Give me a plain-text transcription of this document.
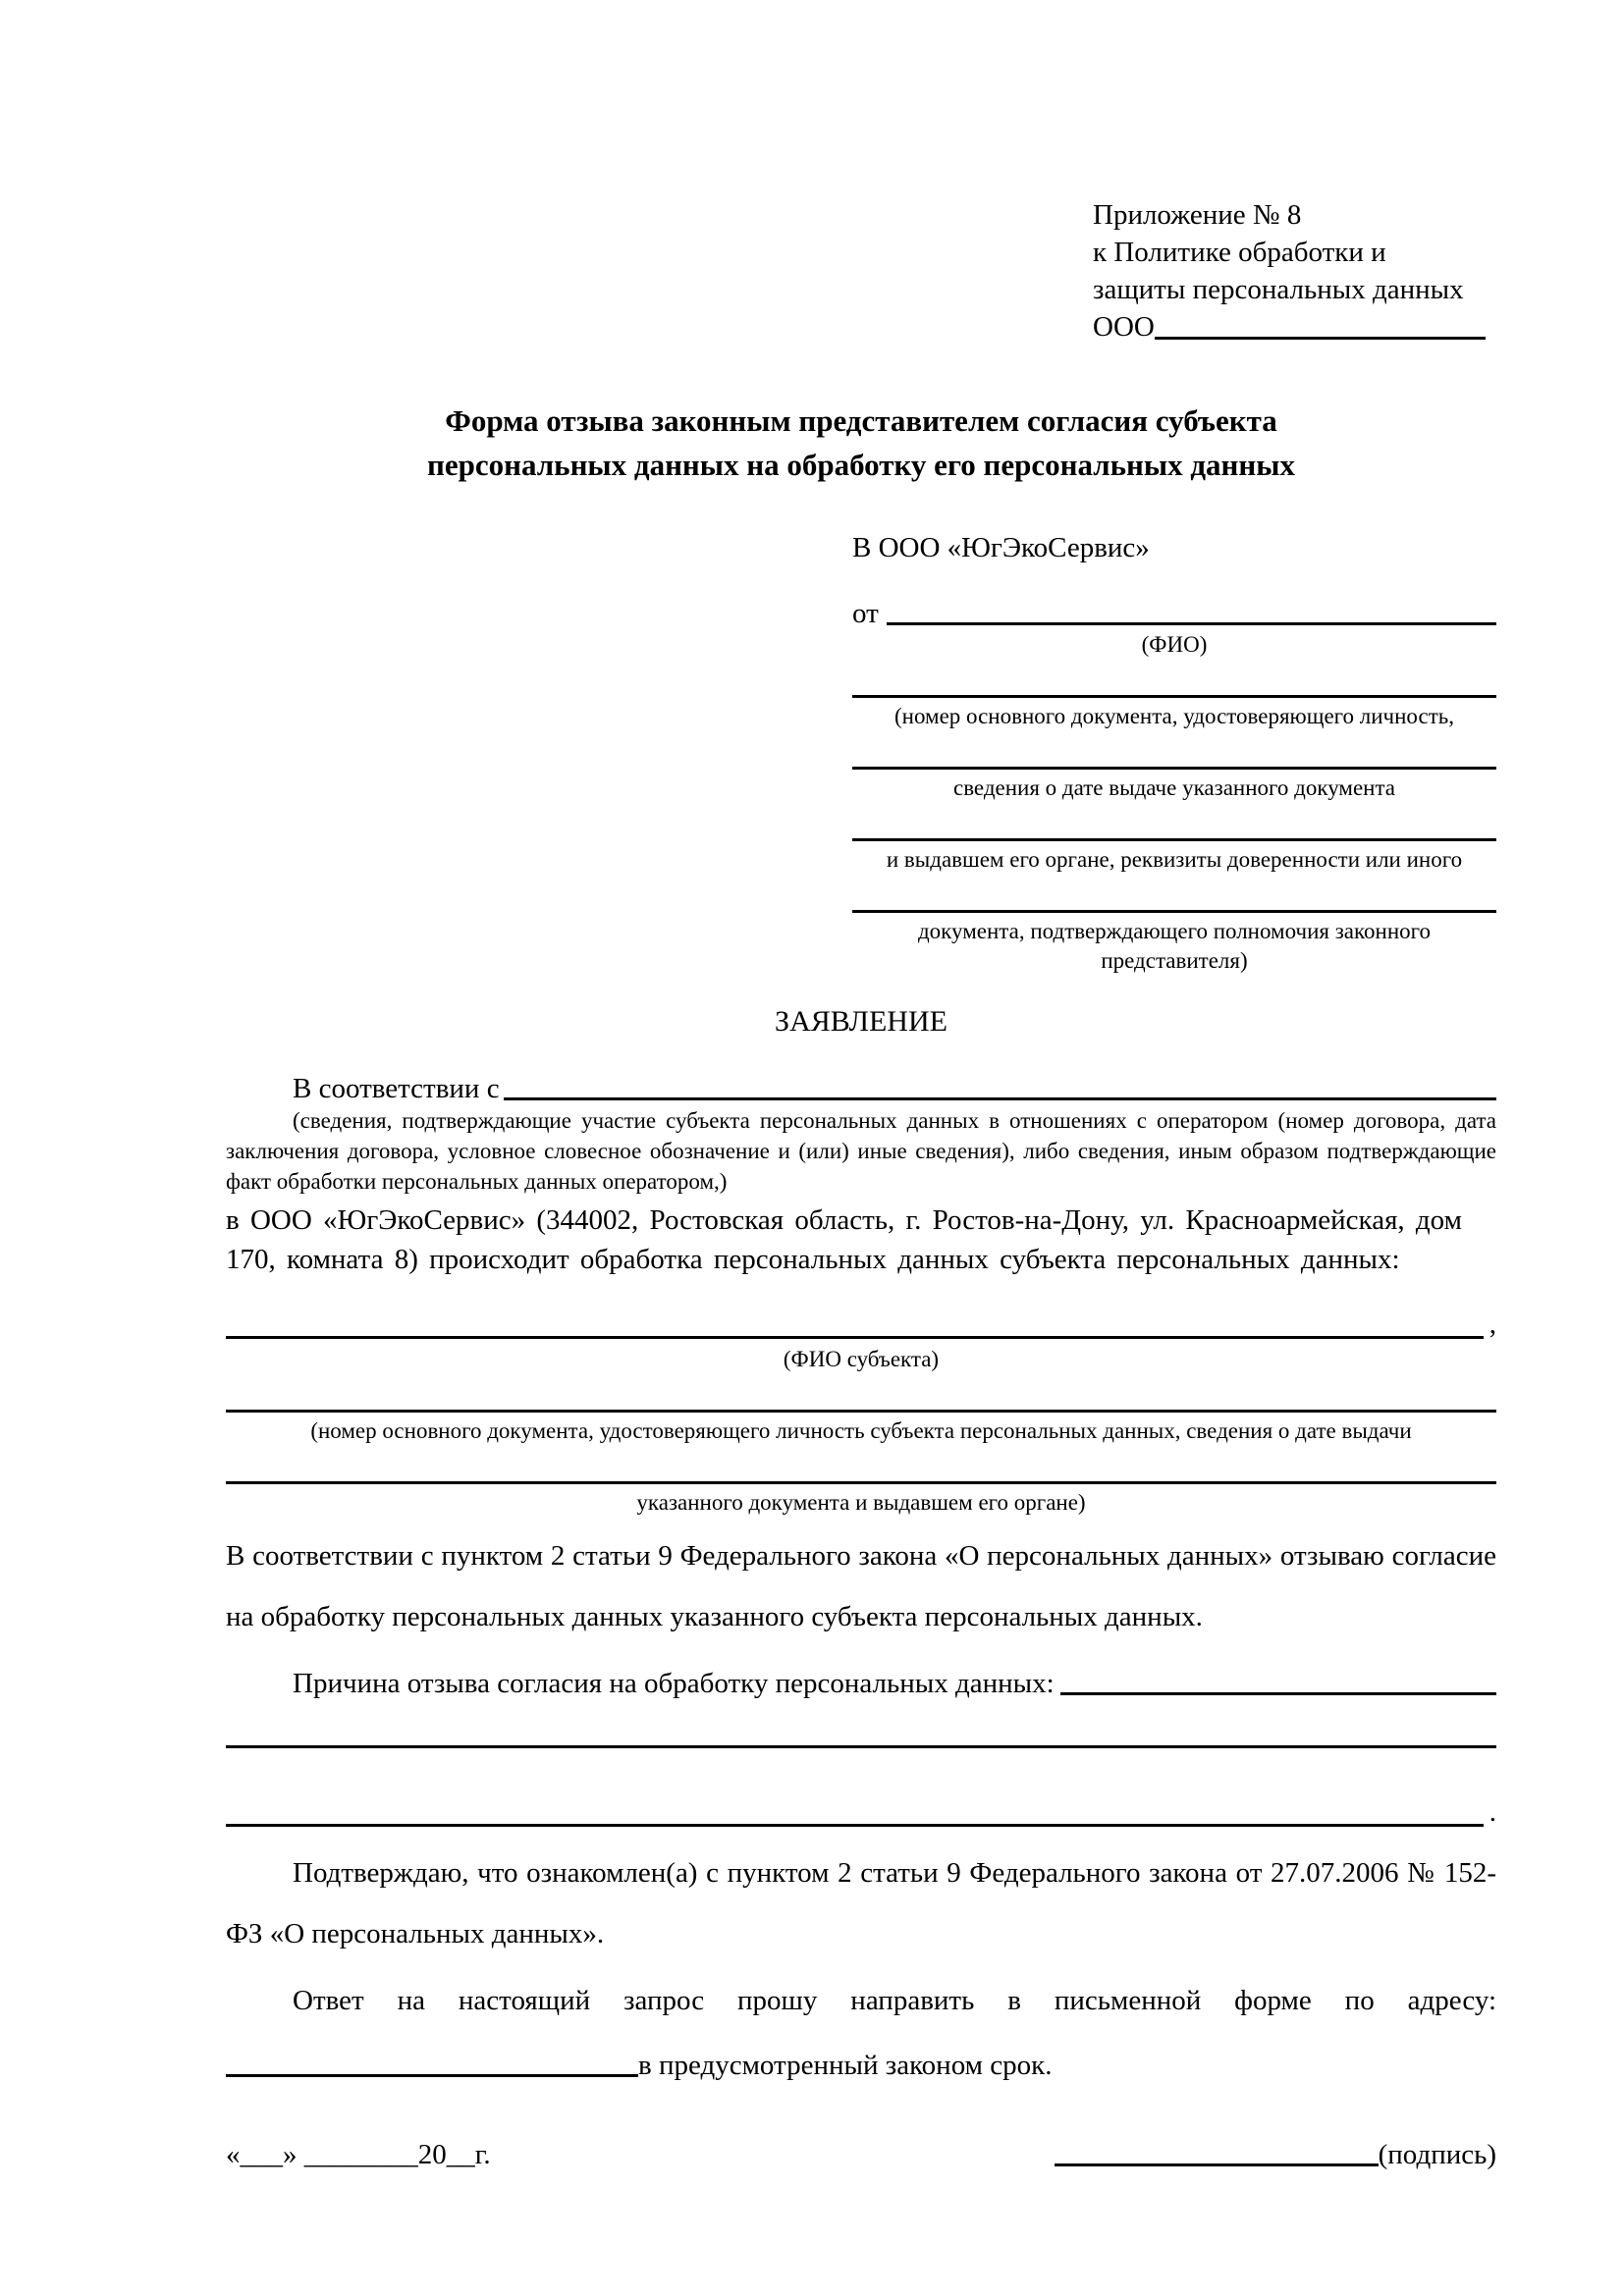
Приложение № 8
к Политике обработки и
защиты персональных данных
ООО
Форма отзыва законным представителем согласия субъекта
персональных данных на обработку его персональных данных
В ООО «ЮгЭкоСервис»
от
(ФИО)
(номер основного документа, удостоверяющего личность,
сведения о дате выдаче указанного документа
и выдавшем его органе, реквизиты доверенности или иного
документа, подтверждающего полномочия законного представителя)
ЗАЯВЛЕНИЕ
В соответствии с
(сведения, подтверждающие участие субъекта персональных данных в отношениях с оператором (номер договора, дата заключения договора, условное словесное обозначение и (или) иные сведения), либо сведения, иным образом подтверждающие факт обработки персональных данных оператором,)
в ООО «ЮгЭкоСервис» (344002, Ростовская область, г. Ростов-на-Дону, ул. Красноармейская, дом 170, комната 8) происходит обработка персональных данных субъекта персональных данных:
,
(ФИО субъекта)
(номер основного документа, удостоверяющего личность субъекта персональных данных, сведения о дате выдачи
указанного документа и выдавшем его органе)
В соответствии с пунктом 2 статьи 9 Федерального закона «О персональных данных» отзываю согласие на обработку персональных данных указанного субъекта персональных данных.
Причина отзыва согласия на обработку персональных данных:
.
Подтверждаю, что ознакомлен(а) с пунктом 2 статьи 9 Федерального закона от 27.07.2006 № 152-ФЗ «О персональных данных».
Ответ на настоящий запрос прошу направить в письменной форме по адресу:
в предусмотренный законом срок.
«___» ________20__г.	(подпись)
